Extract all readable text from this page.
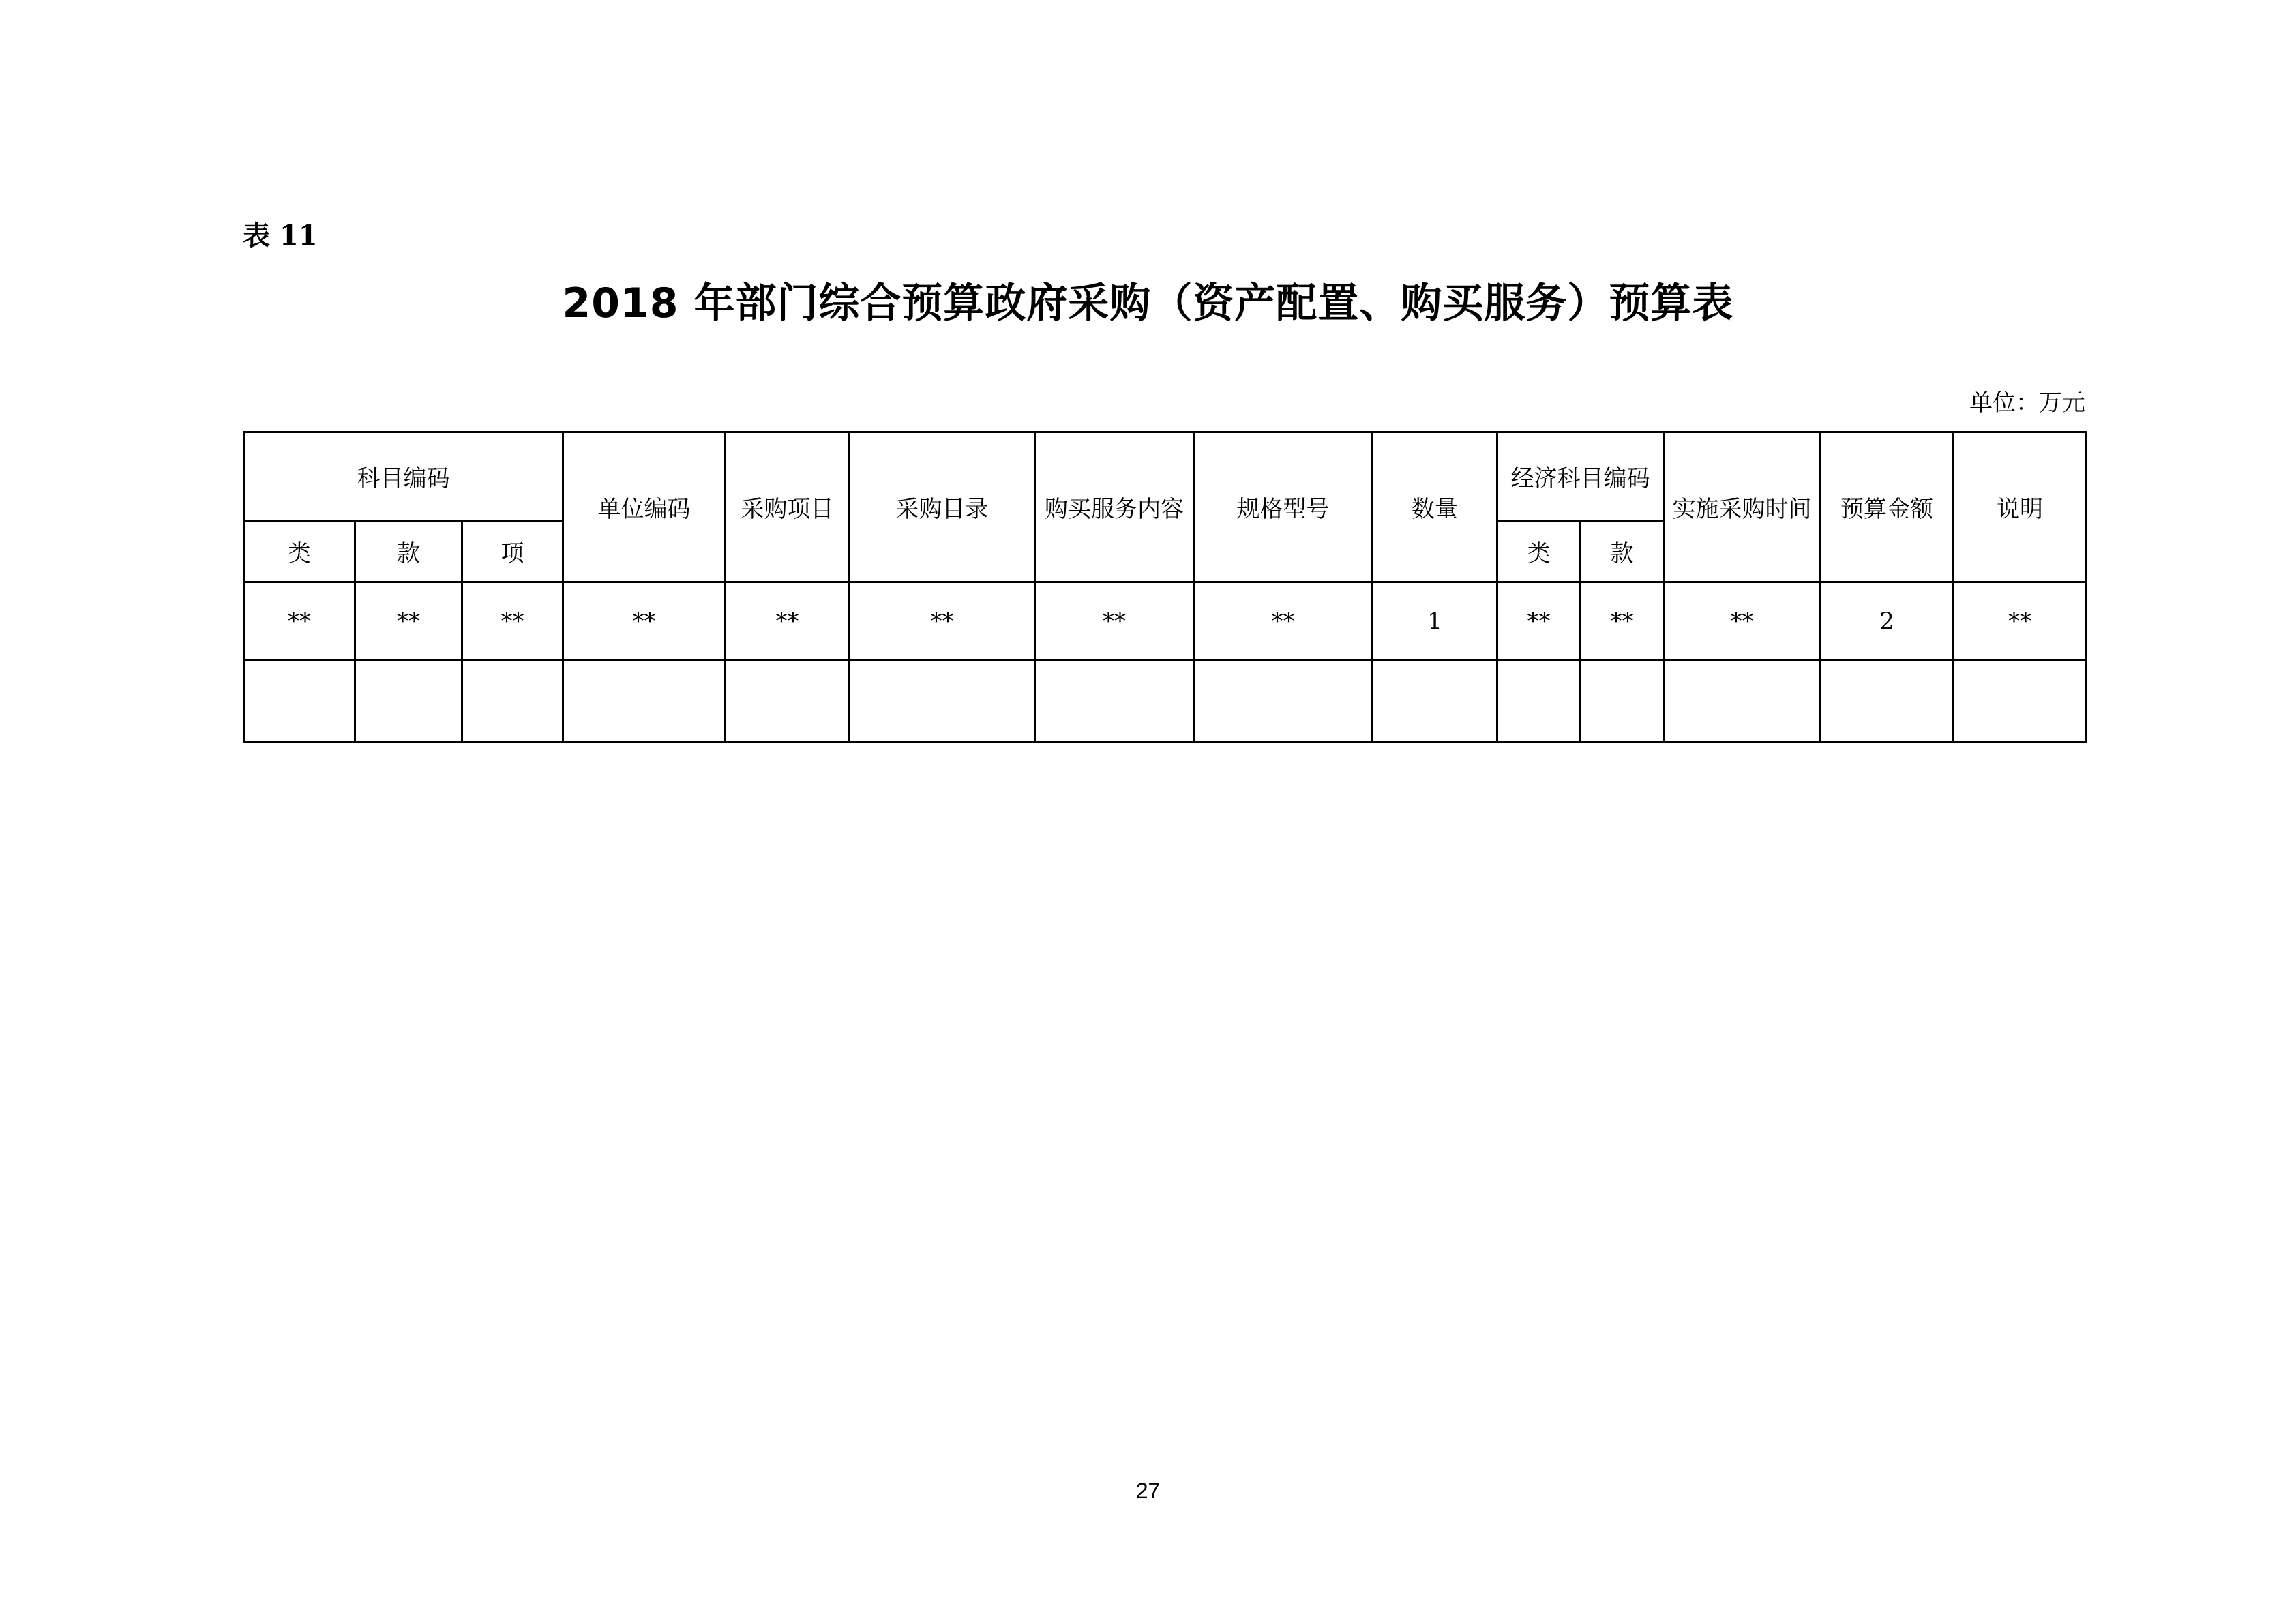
表 11
2018 年部门综合预算政府采购（资产配置、购买服务）预算表
单位：万元
科目编码			单位编码	采购项目	采购目录	购买服务内容	规格型号	数量	经济科目编码		实施采购时间	预算金额	说明
类	款	项							类	款			
**	**	**	**	**	**	**	**	1	**	**	**	2	**

27
